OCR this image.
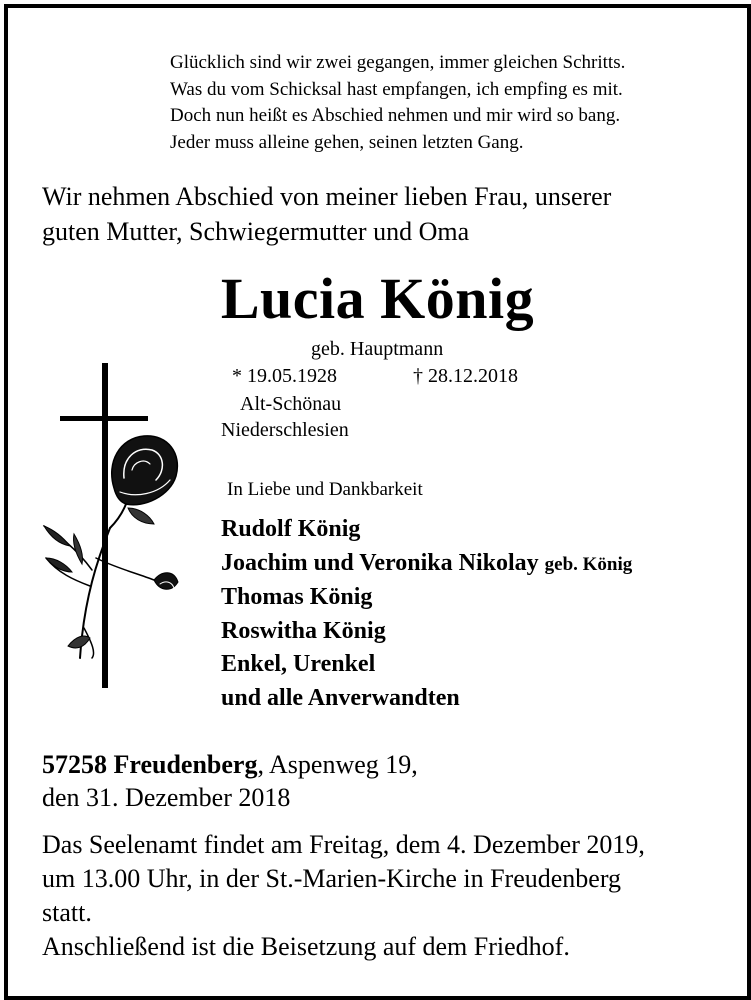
Glücklich sind wir zwei gegangen, immer gleichen Schritts.
Was du vom Schicksal hast empfangen, ich empfing es mit.
Doch nun heißt es Abschied nehmen und mir wird so bang.
Jeder muss alleine gehen, seinen letzten Gang.
Wir nehmen Abschied von meiner lieben Frau, unserer
guten Mutter, Schwiegermutter und Oma
Lucia König
geb. Hauptmann
* 19.05.1928	† 28.12.2018
Alt-Schönau
Niederschlesien
In Liebe und Dankbarkeit
Rudolf König
Joachim und Veronika Nikolay geb. König
Thomas König
Roswitha König
Enkel, Urenkel
und alle Anverwandten
57258 Freudenberg, Aspenweg 19,
den 31. Dezember 2018
Das Seelenamt findet am Freitag, dem 4. Dezember 2019,
um 13.00 Uhr, in der St.-Marien-Kirche in Freudenberg
statt.
Anschließend ist die Beisetzung auf dem Friedhof.
